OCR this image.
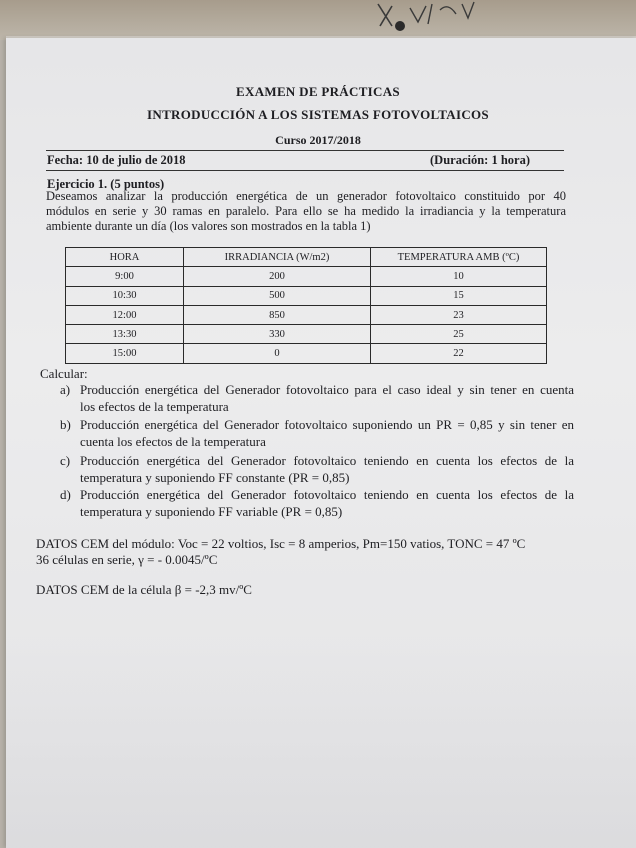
EXAMEN DE PRÁCTICAS
INTRODUCCIÓN A LOS SISTEMAS FOTOVOLTAICOS
Curso 2017/2018
Fecha: 10 de julio de 2018	(Duración: 1 hora)
Ejercicio 1. (5 puntos)
Deseamos analizar la producción energética de un generador fotovoltaico constituido por 40
módulos en serie y 30 ramas en paralelo. Para ello se ha medido la irradiancia y la temperatura
ambiente durante un día (los valores son mostrados en la tabla 1)
HORA	IRRADIANCIA (W/m2)	TEMPERATURA AMB (ºC)
9:00	200	10
10:30	500	15
12:00	850	23
13:30	330	25
15:00	0	22
Calcular:
a) Producción energética del Generador fotovoltaico para el caso ideal y sin tener en cuenta
los efectos de la temperatura
b) Producción energética del Generador fotovoltaico suponiendo un PR = 0,85 y sin tener en
cuenta los efectos de la temperatura
c) Producción energética del Generador fotovoltaico teniendo en cuenta los efectos de la
temperatura y suponiendo FF constante (PR = 0,85)
d) Producción energética del Generador fotovoltaico teniendo en cuenta los efectos de la
temperatura y suponiendo FF variable (PR = 0,85)
DATOS CEM del módulo: Voc = 22 voltios, Isc = 8 amperios, Pm=150 vatios, TONC = 47 ºC
36 células en serie, γ = - 0.0045/ºC
DATOS CEM de la célula β = -2,3 mv/ºC
